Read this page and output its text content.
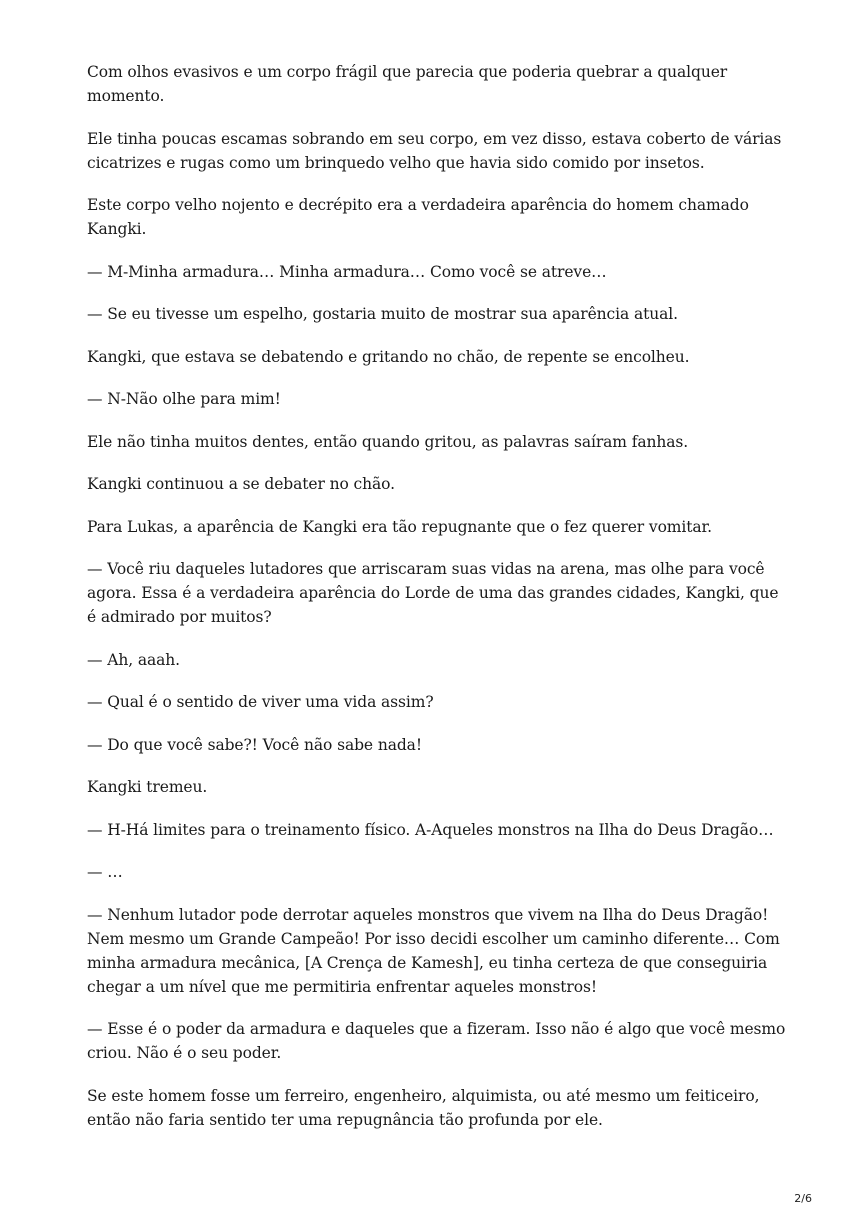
Com olhos evasivos e um corpo frágil que parecia que poderia quebrar a qualquer momento.

Ele tinha poucas escamas sobrando em seu corpo, em vez disso, estava coberto de várias cicatrizes e rugas como um brinquedo velho que havia sido comido por insetos.

Este corpo velho nojento e decrépito era a verdadeira aparência do homem chamado Kangki.

— M-Minha armadura… Minha armadura… Como você se atreve…

— Se eu tivesse um espelho, gostaria muito de mostrar sua aparência atual.

Kangki, que estava se debatendo e gritando no chão, de repente se encolheu.

— N-Não olhe para mim!

Ele não tinha muitos dentes, então quando gritou, as palavras saíram fanhas.

Kangki continuou a se debater no chão.

Para Lukas, a aparência de Kangki era tão repugnante que o fez querer vomitar.

— Você riu daqueles lutadores que arriscaram suas vidas na arena, mas olhe para você agora. Essa é a verdadeira aparência do Lorde de uma das grandes cidades, Kangki, que é admirado por muitos?

— Ah, aaah.

— Qual é o sentido de viver uma vida assim?

— Do que você sabe?! Você não sabe nada!

Kangki tremeu.

— H-Há limites para o treinamento físico. A-Aqueles monstros na Ilha do Deus Dragão…

— …

— Nenhum lutador pode derrotar aqueles monstros que vivem na Ilha do Deus Dragão! Nem mesmo um Grande Campeão! Por isso decidi escolher um caminho diferente… Com minha armadura mecânica, [A Crença de Kamesh], eu tinha certeza de que conseguiria chegar a um nível que me permitiria enfrentar aqueles monstros!

— Esse é o poder da armadura e daqueles que a fizeram. Isso não é algo que você mesmo criou. Não é o seu poder.

Se este homem fosse um ferreiro, engenheiro, alquimista, ou até mesmo um feiticeiro, então não faria sentido ter uma repugnância tão profunda por ele.

2/6
